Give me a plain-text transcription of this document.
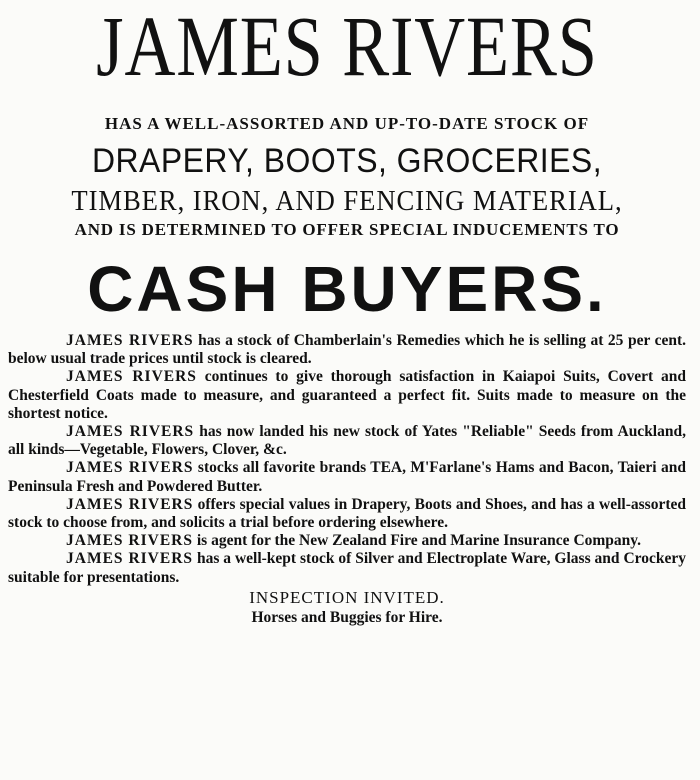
JAMES RIVERS
HAS A WELL-ASSORTED AND UP-TO-DATE STOCK OF
DRAPERY, BOOTS, GROCERIES,
TIMBER, IRON, AND FENCING MATERIAL,
AND IS DETERMINED TO OFFER SPECIAL INDUCEMENTS TO
CASH BUYERS.

JAMES RIVERS has a stock of Chamberlain's Remedies which he is selling at 25 per cent. below usual trade prices until stock is cleared.

JAMES RIVERS continues to give thorough satisfaction in Kaiapoi Suits, Covert and Chesterfield Coats made to measure, and guaranteed a perfect fit. Suits made to measure on the shortest notice.

JAMES RIVERS has now landed his new stock of Yates "Reliable" Seeds from Auckland, all kinds—Vegetable, Flowers, Clover, &c.

JAMES RIVERS stocks all favorite brands TEA, M'Farlane's Hams and Bacon, Taieri and Peninsula Fresh and Powdered Butter.

JAMES RIVERS offers special values in Drapery, Boots and Shoes, and has a well-assorted stock to choose from, and solicits a trial before ordering elsewhere.

JAMES RIVERS is agent for the New Zealand Fire and Marine Insurance Company.

JAMES RIVERS has a well-kept stock of Silver and Electroplate Ware, Glass and Crockery suitable for presentations.

INSPECTION INVITED.
Horses and Buggies for Hire.
